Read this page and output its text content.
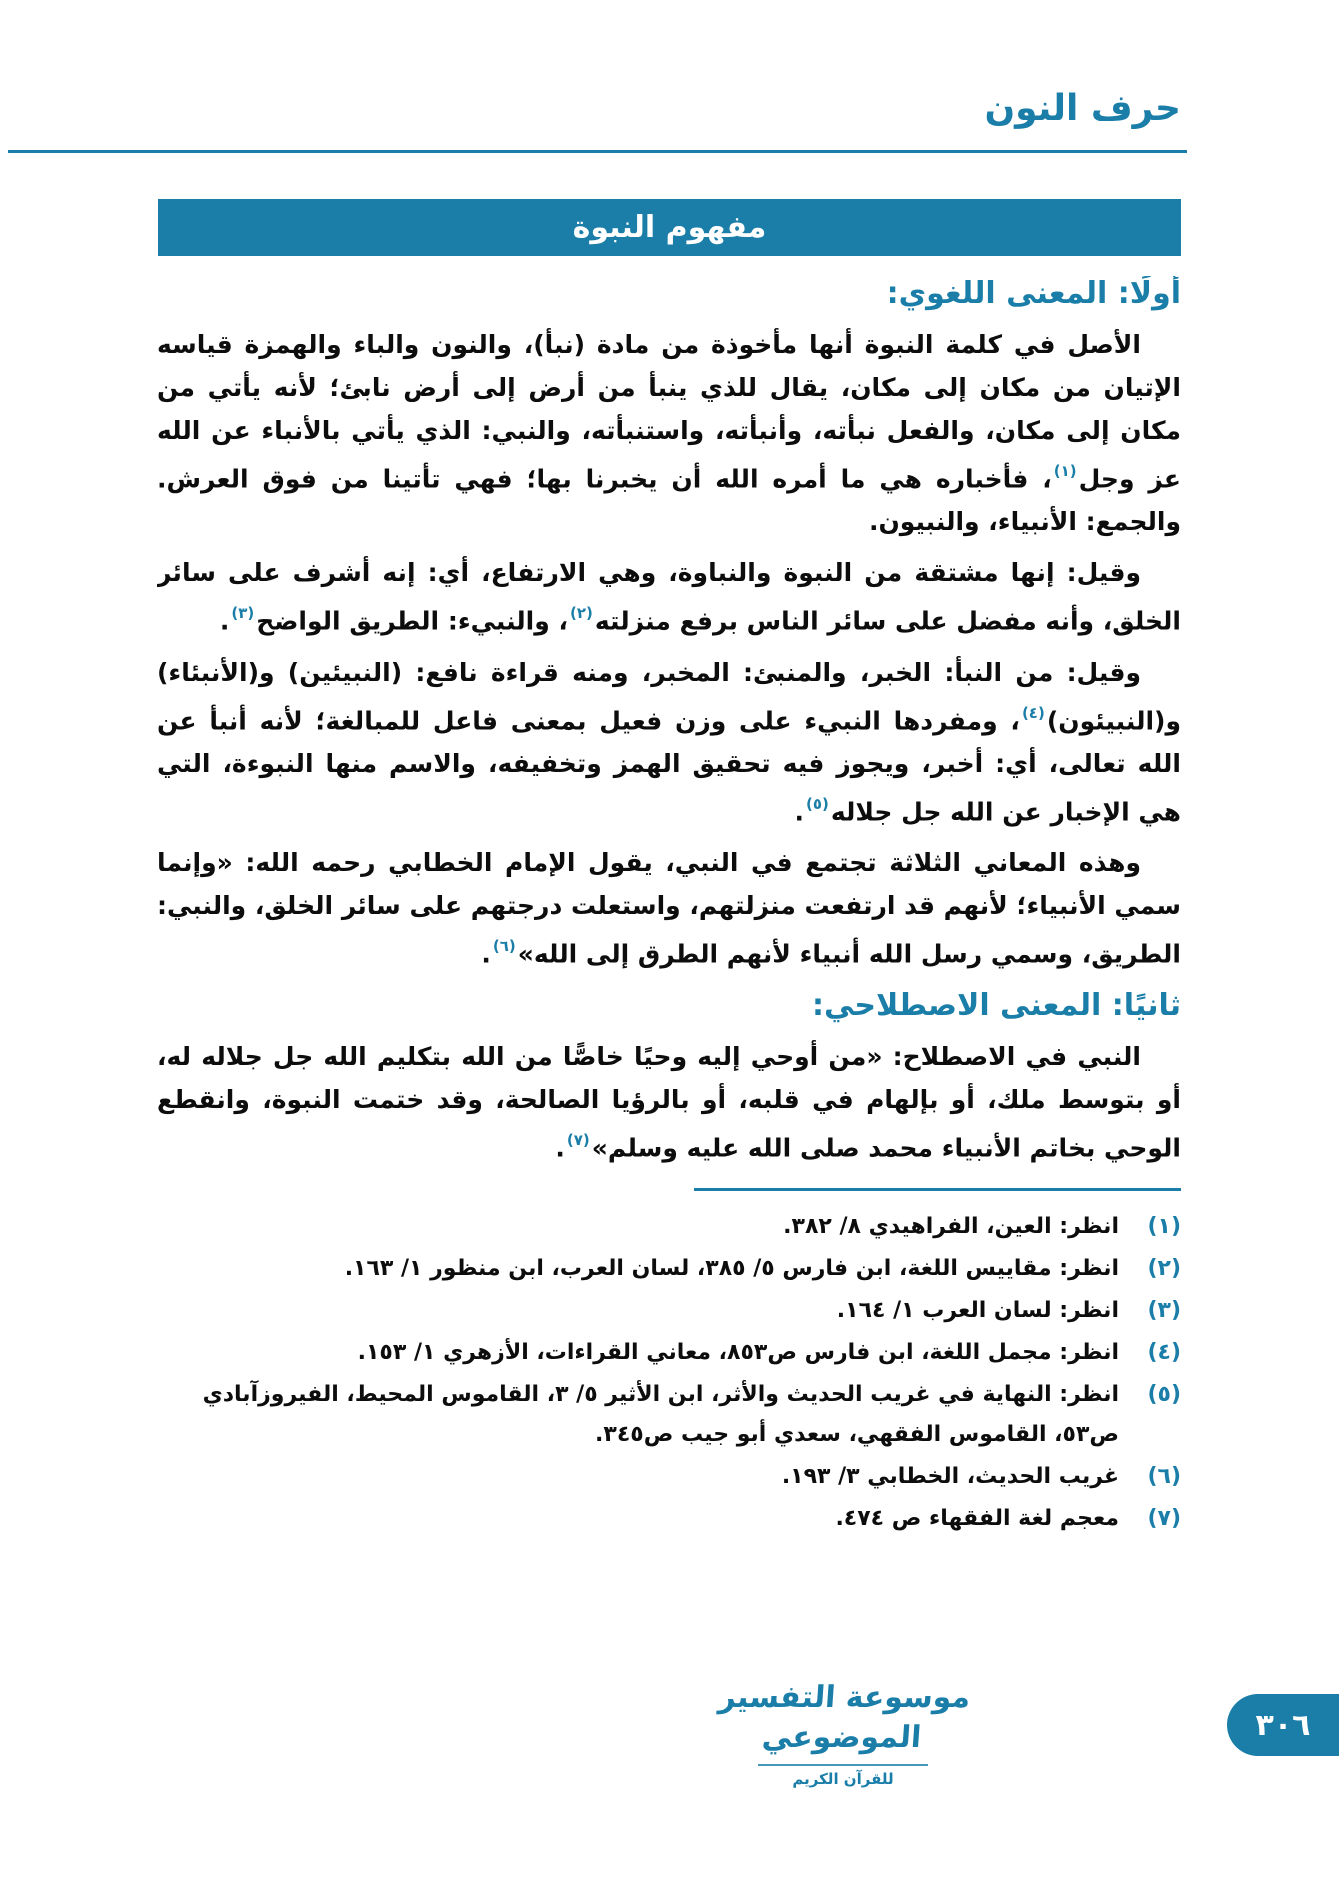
حرف النون
مفهوم النبوة
أولًا: المعنى اللغوي:

الأصل في كلمة النبوة أنها مأخوذة من مادة (نبأ)، والنون والباء والهمزة قياسه الإتيان من مكان إلى مكان، يقال للذي ينبأ من أرض إلى أرض نابئ؛ لأنه يأتي من مكان إلى مكان، والفعل نبأته، وأنبأته، واستنبأته، والنبي: الذي يأتي بالأنباء عن الله عز وجل$^{(١)}$، فأخباره هي ما أمره الله أن يخبرنا بها؛ فهي تأتينا من فوق العرش. والجمع: الأنبياء، والنبيون.

وقيل: إنها مشتقة من النبوة والنباوة، وهي الارتفاع، أي: إنه أشرف على سائر الخلق، وأنه مفضل على سائر الناس برفع منزلته$^{(٢)}$، والنبيء: الطريق الواضح$^{(٣)}$.

وقيل: من النبأ: الخبر، والمنبئ: المخبر، ومنه قراءة نافع: (النبيئين) و(الأنبئاء) و(النبيئون)$^{(٤)}$، ومفردها النبيء على وزن فعيل بمعنى فاعل للمبالغة؛ لأنه أنبأ عن الله تعالى، أي: أخبر، ويجوز فيه تحقيق الهمز وتخفيفه، والاسم منها النبوءة، التي هي الإخبار عن الله جل جلاله$^{(٥)}$.

وهذه المعاني الثلاثة تجتمع في النبي، يقول الإمام الخطابي رحمه الله: «وإنما سمي الأنبياء؛ لأنهم قد ارتفعت منزلتهم، واستعلت درجتهم على سائر الخلق، والنبي: الطريق، وسمي رسل الله أنبياء لأنهم الطرق إلى الله»$^{(٦)}$.

ثانيًا: المعنى الاصطلاحي:

النبي في الاصطلاح: «من أوحي إليه وحيًا خاصًّا من الله بتكليم الله جل جلاله له، أو بتوسط ملك، أو بإلهام في قلبه، أو بالرؤيا الصالحة، وقد ختمت النبوة، وانقطع الوحي بخاتم الأنبياء محمد صلى الله عليه وسلم»$^{(٧)}$.

(١)
انظر: العين، الفراهيدي ٨/ ٣٨٢.
(٢)
انظر: مقاييس اللغة، ابن فارس ٥/ ٣٨٥، لسان العرب، ابن منظور ١/ ١٦٣.
(٣)
انظر: لسان العرب ١/ ١٦٤.
(٤)
انظر: مجمل اللغة، ابن فارس ص٨٥٣، معاني القراءات، الأزهري ١/ ١٥٣.
(٥)
انظر: النهاية في غريب الحديث والأثر، ابن الأثير ٥/ ٣، القاموس المحيط، الفيروزآبادي ص٥٣، القاموس الفقهي، سعدي أبو جيب ص٣٤٥.
(٦)
غريب الحديث، الخطابي ٣/ ١٩٣.
(٧)
معجم لغة الفقهاء ص ٤٧٤.
موسوعة التفسير الموضوعي
للقرآن الكريم
٣٠٦
